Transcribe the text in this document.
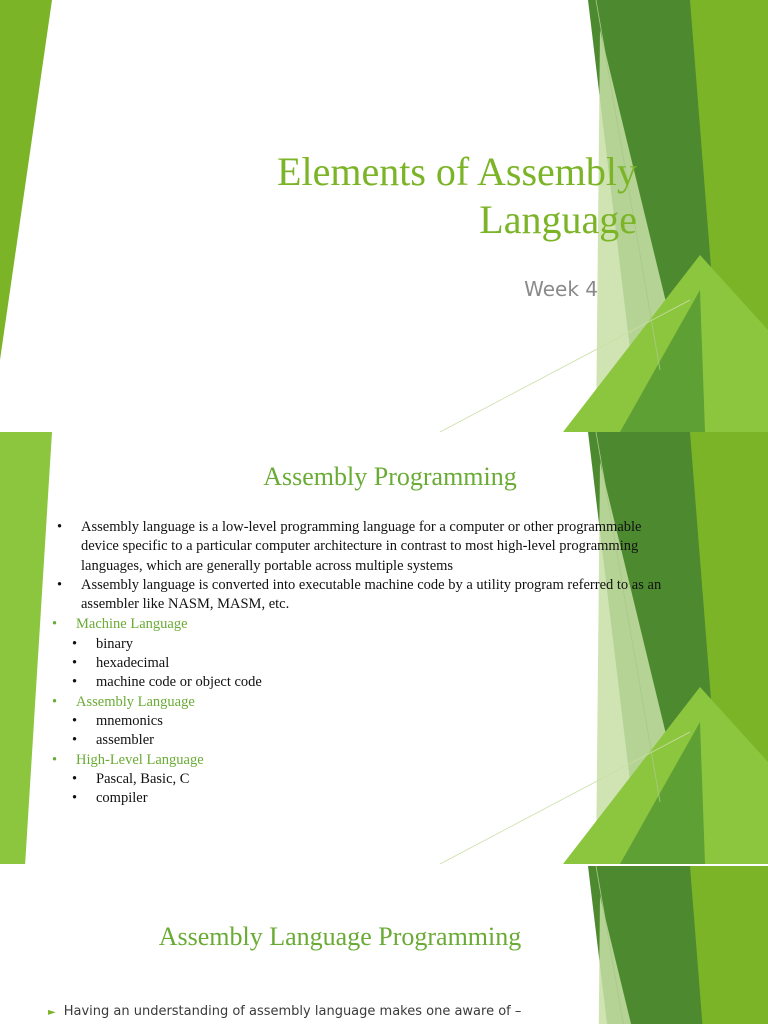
Elements of Assembly
Language
Week 4
Assembly Programming
• Assembly language is a low-level programming language for a computer or other programmable
device specific to a particular computer architecture in contrast to most high-level programming
languages, which are generally portable across multiple systems
• Assembly language is converted into executable machine code by a utility program referred to as an
assembler like NASM, MASM, etc.
• Machine Language
• binary
• hexadecimal
• machine code or object code
• Assembly Language
• mnemonics
• assembler
• High-Level Language
• Pascal, Basic, C
• compiler
Assembly Language Programming
► Having an understanding of assembly language makes one aware of –
